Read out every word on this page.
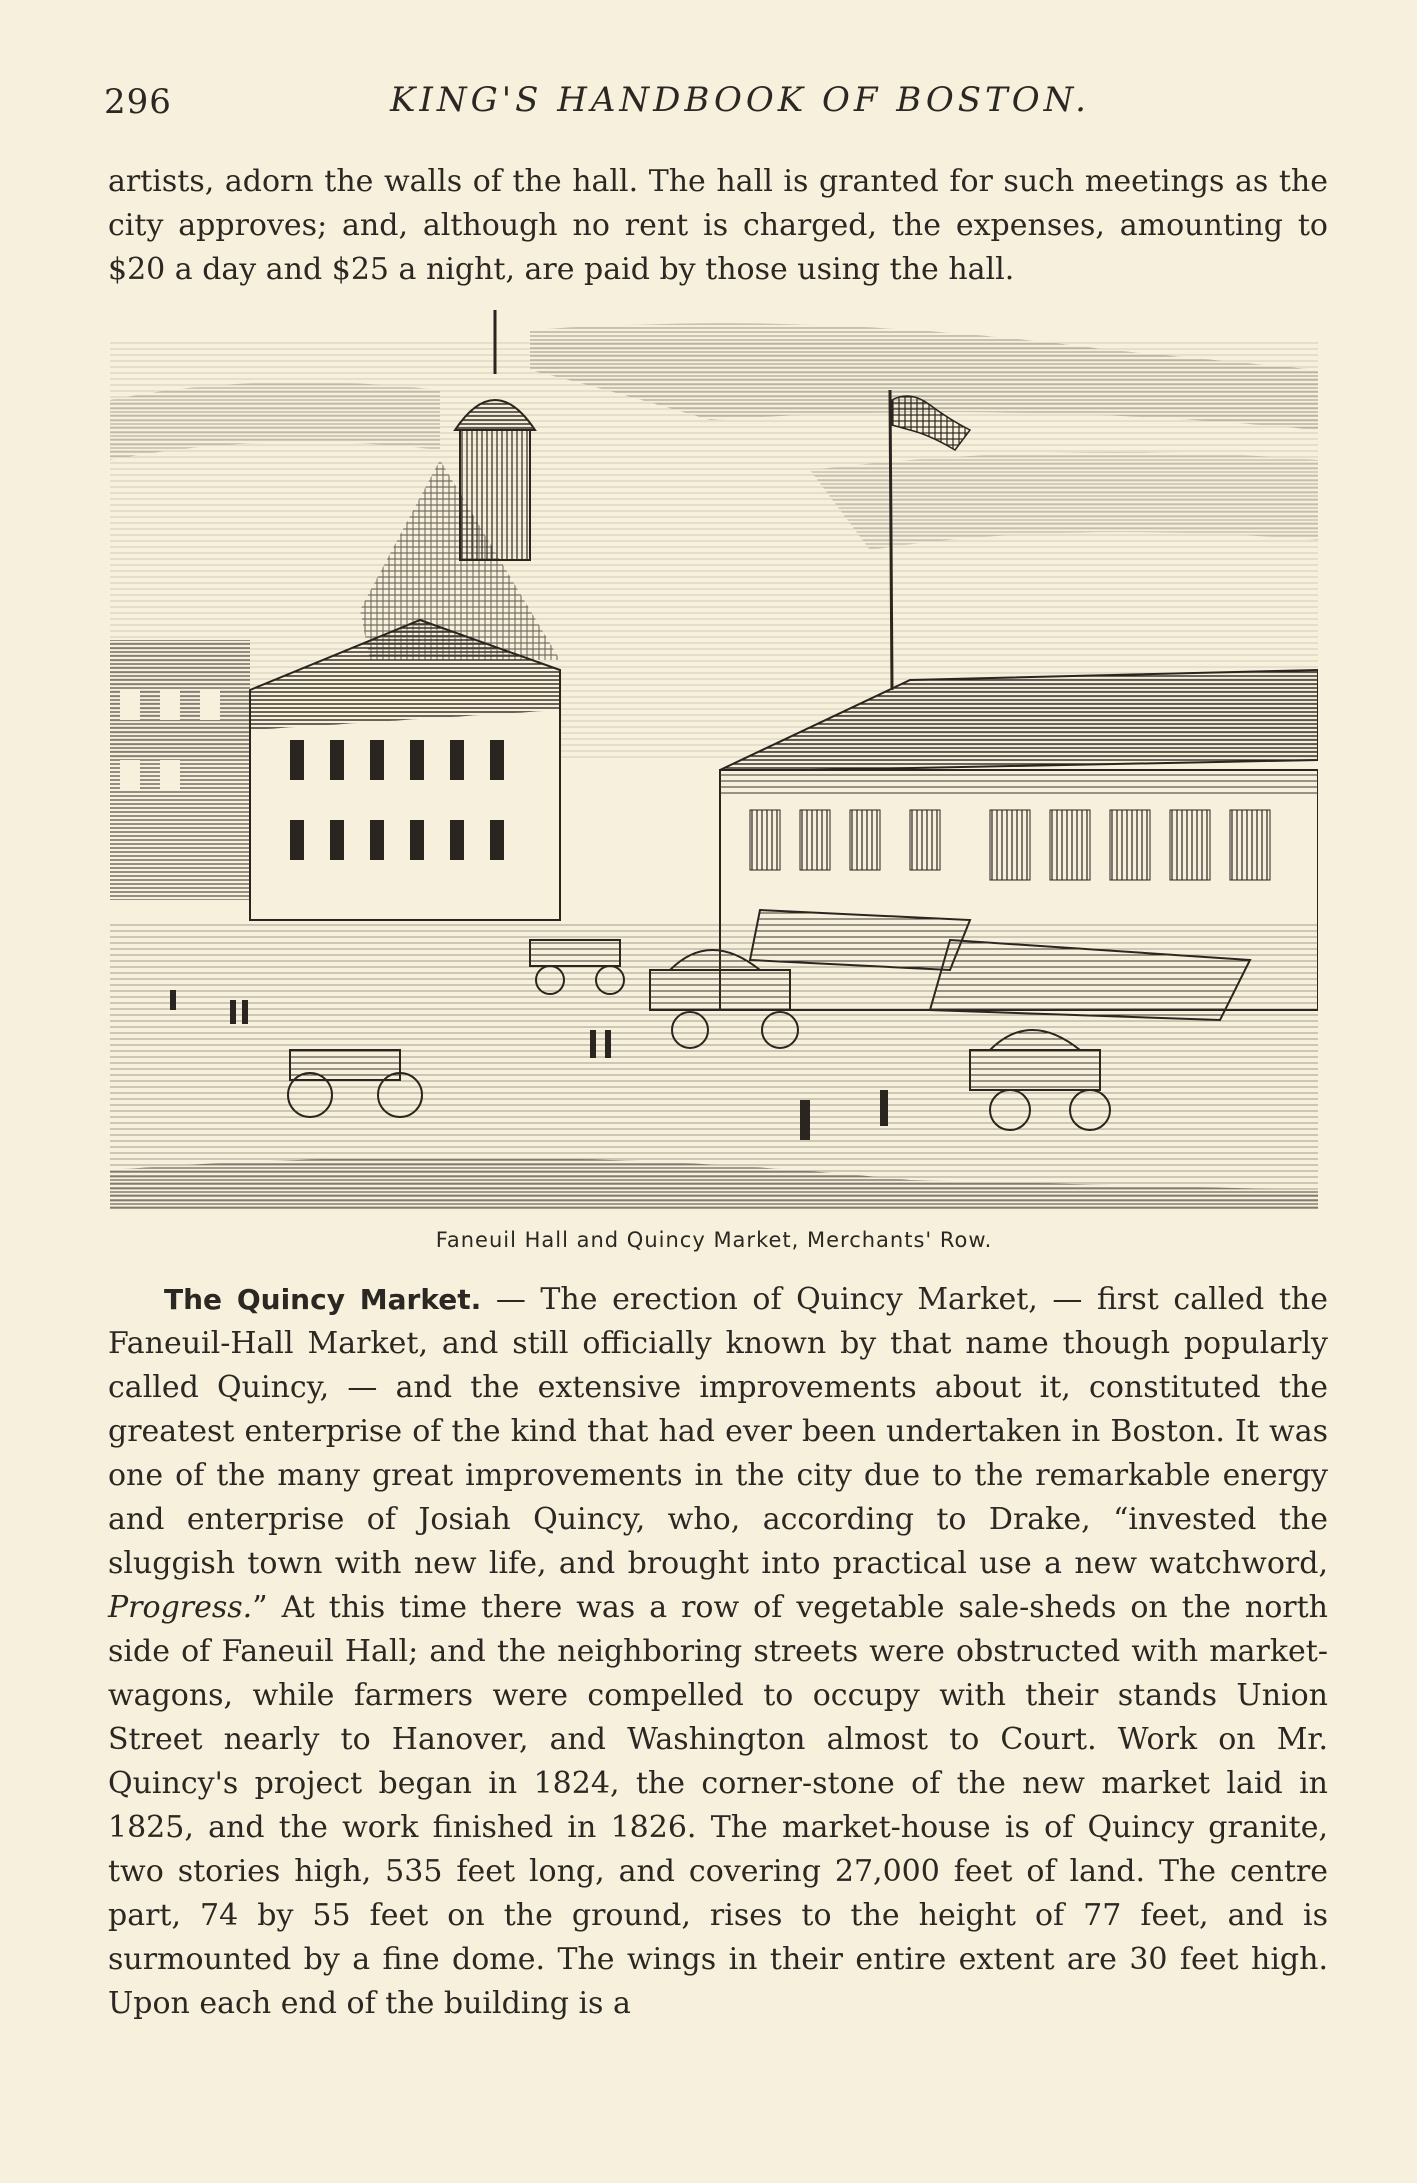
296	KING'S HANDBOOK OF BOSTON.

artists, adorn the walls of the hall. The hall is granted for such meetings as the city approves; and, although no rent is charged, the expenses, amounting to $20 a day and $25 a night, are paid by those using the hall.

Faneuil Hall and Quincy Market, Merchants' Row.

The Quincy Market. — The erection of Quincy Market, — first called the Faneuil-Hall Market, and still officially known by that name though popularly called Quincy, — and the extensive improvements about it, constituted the greatest enterprise of the kind that had ever been undertaken in Boston. It was one of the many great improvements in the city due to the remarkable energy and enterprise of Josiah Quincy, who, according to Drake, “invested the sluggish town with new life, and brought into practical use a new watchword, Progress.” At this time there was a row of vegetable sale-sheds on the north side of Faneuil Hall; and the neighboring streets were obstructed with market-wagons, while farmers were compelled to occupy with their stands Union Street nearly to Hanover, and Washington almost to Court. Work on Mr. Quincy's project began in 1824, the corner-stone of the new market laid in 1825, and the work finished in 1826. The market-house is of Quincy granite, two stories high, 535 feet long, and covering 27,000 feet of land. The centre part, 74 by 55 feet on the ground, rises to the height of 77 feet, and is surmounted by a fine dome. The wings in their entire extent are 30 feet high. Upon each end of the building is a
